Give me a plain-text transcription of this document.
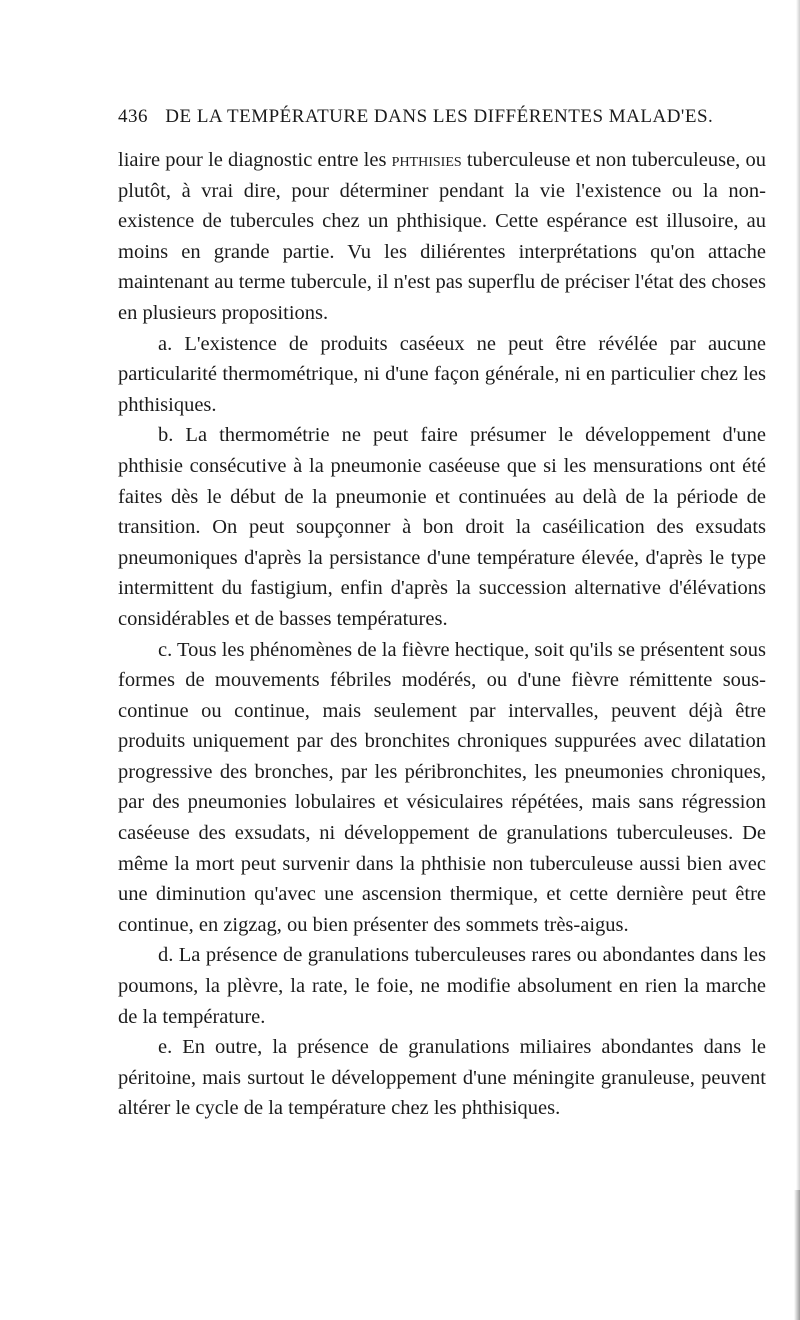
436 DE LA TEMPÉRATURE DANS LES DIFFÉRENTES MALAD'ES.

liaire pour le diagnostic entre les phthisies tuberculeuse et non tuberculeuse, ou plutôt, à vrai dire, pour déterminer pendant la vie l'existence ou la non-existence de tubercules chez un phthisique. Cette espérance est illusoire, au moins en grande partie. Vu les diliérentes interprétations qu'on attache maintenant au terme tubercule, il n'est pas superflu de préciser l'état des choses en plusieurs propositions.

a. L'existence de produits caséeux ne peut être révélée par aucune particularité thermométrique, ni d'une façon générale, ni en particulier chez les phthisiques.

b. La thermométrie ne peut faire présumer le développement d'une phthisie consécutive à la pneumonie caséeuse que si les mensurations ont été faites dès le début de la pneumonie et continuées au delà de la période de transition. On peut soupçonner à bon droit la caséilication des exsudats pneumoniques d'après la persistance d'une température élevée, d'après le type intermittent du fastigium, enfin d'après la succession alternative d'élévations considérables et de basses températures.

c. Tous les phénomènes de la fièvre hectique, soit qu'ils se présentent sous formes de mouvements fébriles modérés, ou d'une fièvre rémittente sous-continue ou continue, mais seulement par intervalles, peuvent déjà être produits uniquement par des bronchites chroniques suppurées avec dilatation progressive des bronches, par les péribronchites, les pneumonies chroniques, par des pneumonies lobulaires et vésiculaires répétées, mais sans régression caséeuse des exsudats, ni développement de granulations tuberculeuses. De même la mort peut survenir dans la phthisie non tuberculeuse aussi bien avec une diminution qu'avec une ascension thermique, et cette dernière peut être continue, en zigzag, ou bien présenter des sommets très-aigus.

d. La présence de granulations tuberculeuses rares ou abondantes dans les poumons, la plèvre, la rate, le foie, ne modifie absolument en rien la marche de la température.

e. En outre, la présence de granulations miliaires abondantes dans le péritoine, mais surtout le développement d'une méningite granuleuse, peuvent altérer le cycle de la température chez les phthisiques.
